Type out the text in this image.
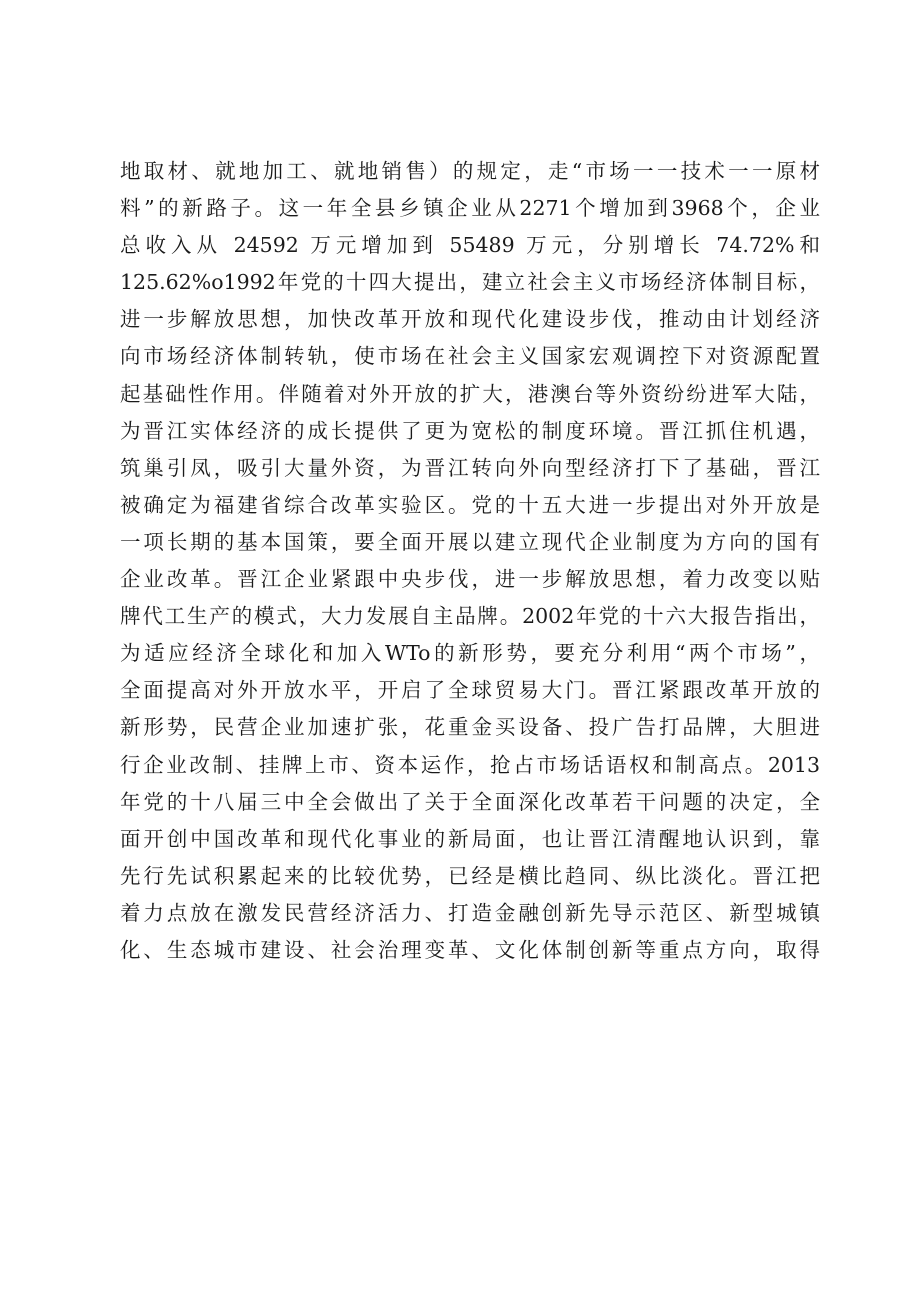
地取材、就地加工、就地销售）的规定，走“市场一一技术一一原材
料”的新路子。这一年全县乡镇企业从2271个增加到3968个，企业
总收入从 24592 万元增加到 55489 万元，分别增长 74.72%和
125.62%o1992年党的十四大提出，建立社会主义市场经济体制目标，
进一步解放思想，加快改革开放和现代化建设步伐，推动由计划经济
向市场经济体制转轨，使市场在社会主义国家宏观调控下对资源配置
起基础性作用。伴随着对外开放的扩大，港澳台等外资纷纷进军大陆，
为晋江实体经济的成长提供了更为宽松的制度环境。晋江抓住机遇，
筑巢引凤，吸引大量外资，为晋江转向外向型经济打下了基础，晋江
被确定为福建省综合改革实验区。党的十五大进一步提出对外开放是
一项长期的基本国策，要全面开展以建立现代企业制度为方向的国有
企业改革。晋江企业紧跟中央步伐，进一步解放思想，着力改变以贴
牌代工生产的模式，大力发展自主品牌。2002年党的十六大报告指出，
为适应经济全球化和加入WTo的新形势，要充分利用“两个市场”，
全面提高对外开放水平，开启了全球贸易大门。晋江紧跟改革开放的
新形势，民营企业加速扩张，花重金买设备、投广告打品牌，大胆进
行企业改制、挂牌上市、资本运作，抢占市场话语权和制高点。2013
年党的十八届三中全会做出了关于全面深化改革若干问题的决定，全
面开创中国改革和现代化事业的新局面，也让晋江清醒地认识到，靠
先行先试积累起来的比较优势，已经是横比趋同、纵比淡化。晋江把
着力点放在激发民营经济活力、打造金融创新先导示范区、新型城镇
化、生态城市建设、社会治理变革、文化体制创新等重点方向，取得
